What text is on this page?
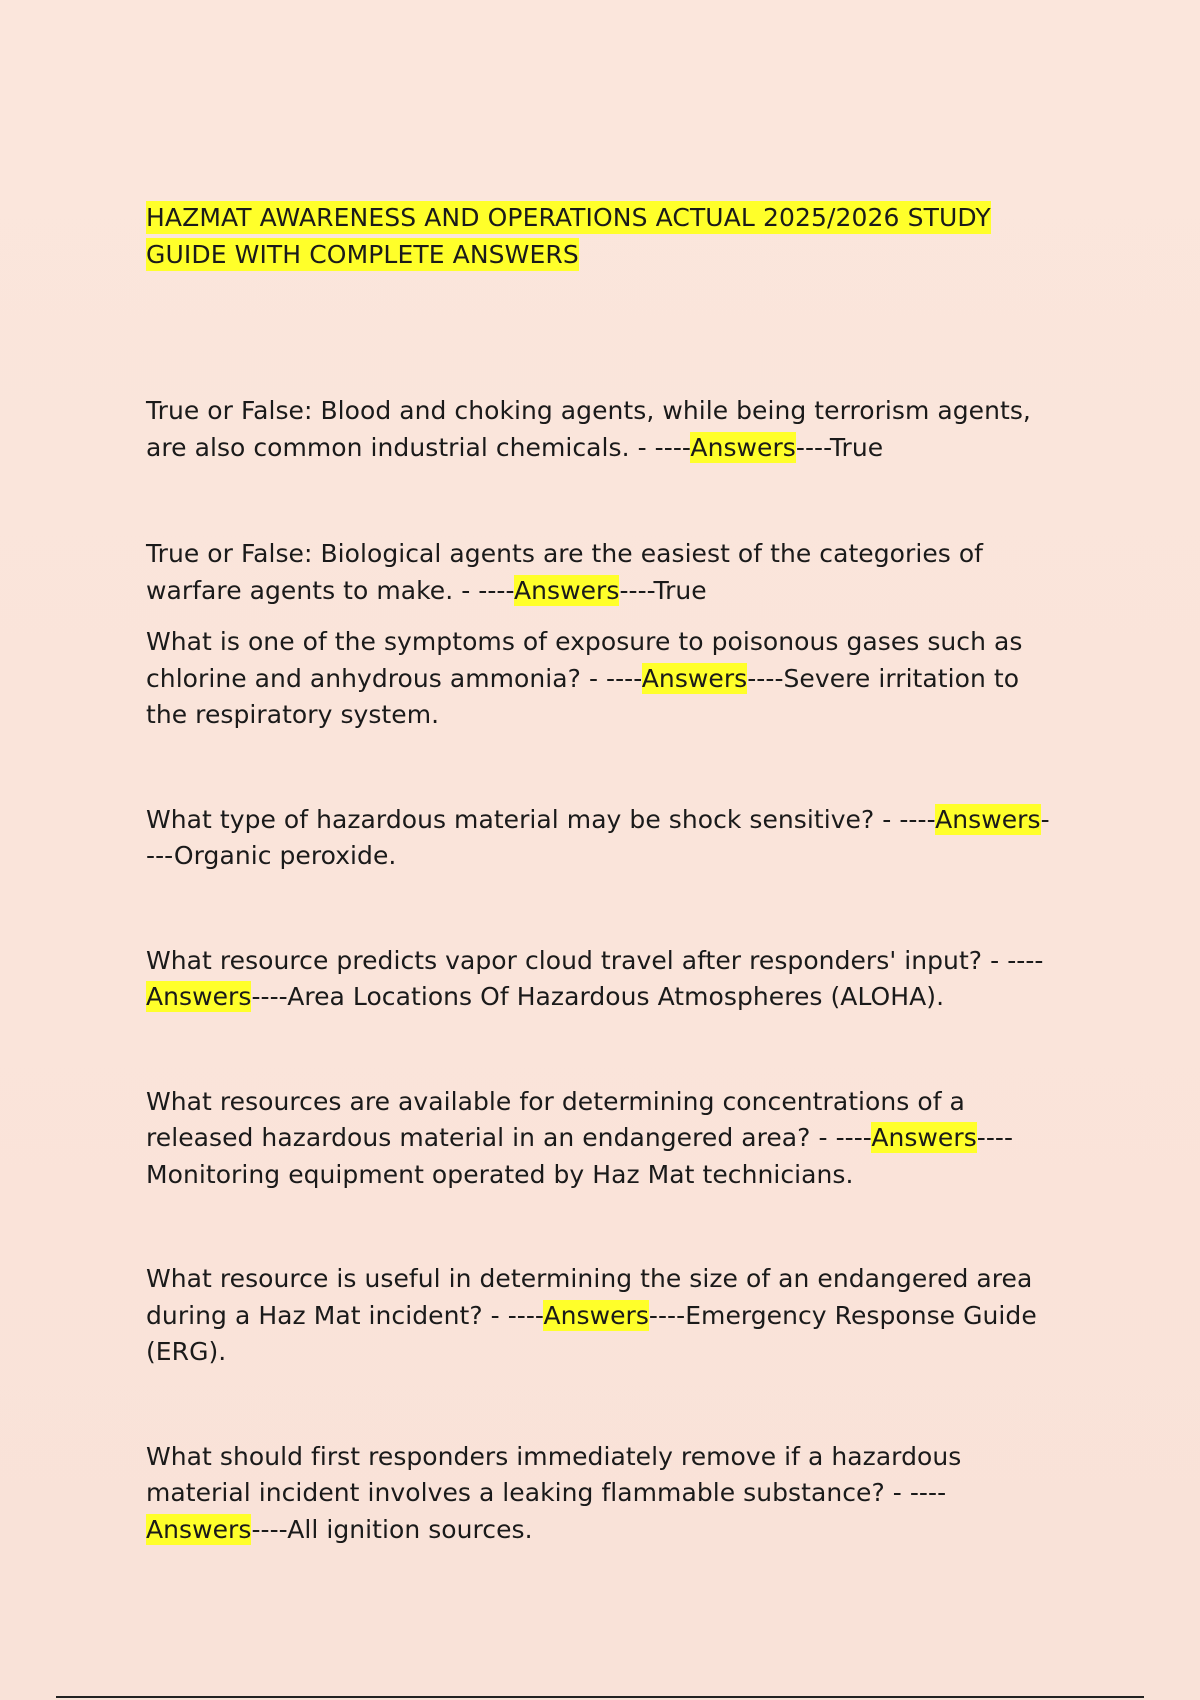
HAZMAT AWARENESS AND OPERATIONS ACTUAL 2025/2026 STUDY GUIDE WITH COMPLETE ANSWERS

True or False: Blood and choking agents, while being terrorism agents, are also common industrial chemicals. - ----Answers----True

True or False: Biological agents are the easiest of the categories of warfare agents to make. - ----Answers----True

What is one of the symptoms of exposure to poisonous gases such as chlorine and anhydrous ammonia? - ----Answers----Severe irritation to the respiratory system.

What type of hazardous material may be shock sensitive? - ----Answers----Organic peroxide.

What resource predicts vapor cloud travel after responders' input? - ----Answers----Area Locations Of Hazardous Atmospheres (ALOHA).

What resources are available for determining concentrations of a released hazardous material in an endangered area? - ----Answers----Monitoring equipment operated by Haz Mat technicians.

What resource is useful in determining the size of an endangered area during a Haz Mat incident? - ----Answers----Emergency Response Guide (ERG).

What should first responders immediately remove if a hazardous material incident involves a leaking flammable substance? - ----Answers----All ignition sources.
